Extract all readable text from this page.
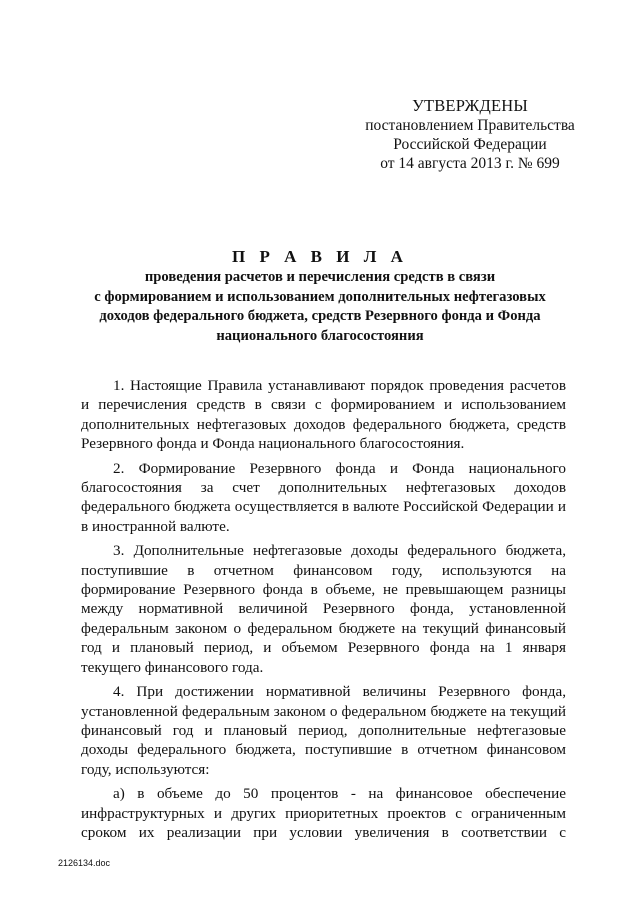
УТВЕРЖДЕНЫ
постановлением Правительства
Российской Федерации
от 14 августа 2013 г. № 699
П Р А В И Л А
проведения расчетов и перечисления средств в связи
с формированием и использованием дополнительных нефтегазовых
доходов федерального бюджета, средств Резервного фонда и Фонда
национального благосостояния

1. Настоящие Правила устанавливают порядок проведения расчетов и перечисления средств в связи с формированием и использованием дополнительных нефтегазовых доходов федерального бюджета, средств Резервного фонда и Фонда национального благосостояния.

2. Формирование Резервного фонда и Фонда национального благосостояния за счет дополнительных нефтегазовых доходов федерального бюджета осуществляется в валюте Российской Федерации и в иностранной валюте.

3. Дополнительные нефтегазовые доходы федерального бюджета, поступившие в отчетном финансовом году, используются на формирование Резервного фонда в объеме, не превышающем разницы между нормативной величиной Резервного фонда, установленной федеральным законом о федеральном бюджете на текущий финансовый год и плановый период, и объемом Резервного фонда на 1 января текущего финансового года.

4. При достижении нормативной величины Резервного фонда, установленной федеральным законом о федеральном бюджете на текущий финансовый год и плановый период, дополнительные нефтегазовые доходы федерального бюджета, поступившие в отчетном финансовом году, используются:

а) в объеме до 50 процентов - на финансовое обеспечение инфраструктурных и других приоритетных проектов с ограниченным сроком их реализации при условии увеличения в соответствии с

2126134.doc
